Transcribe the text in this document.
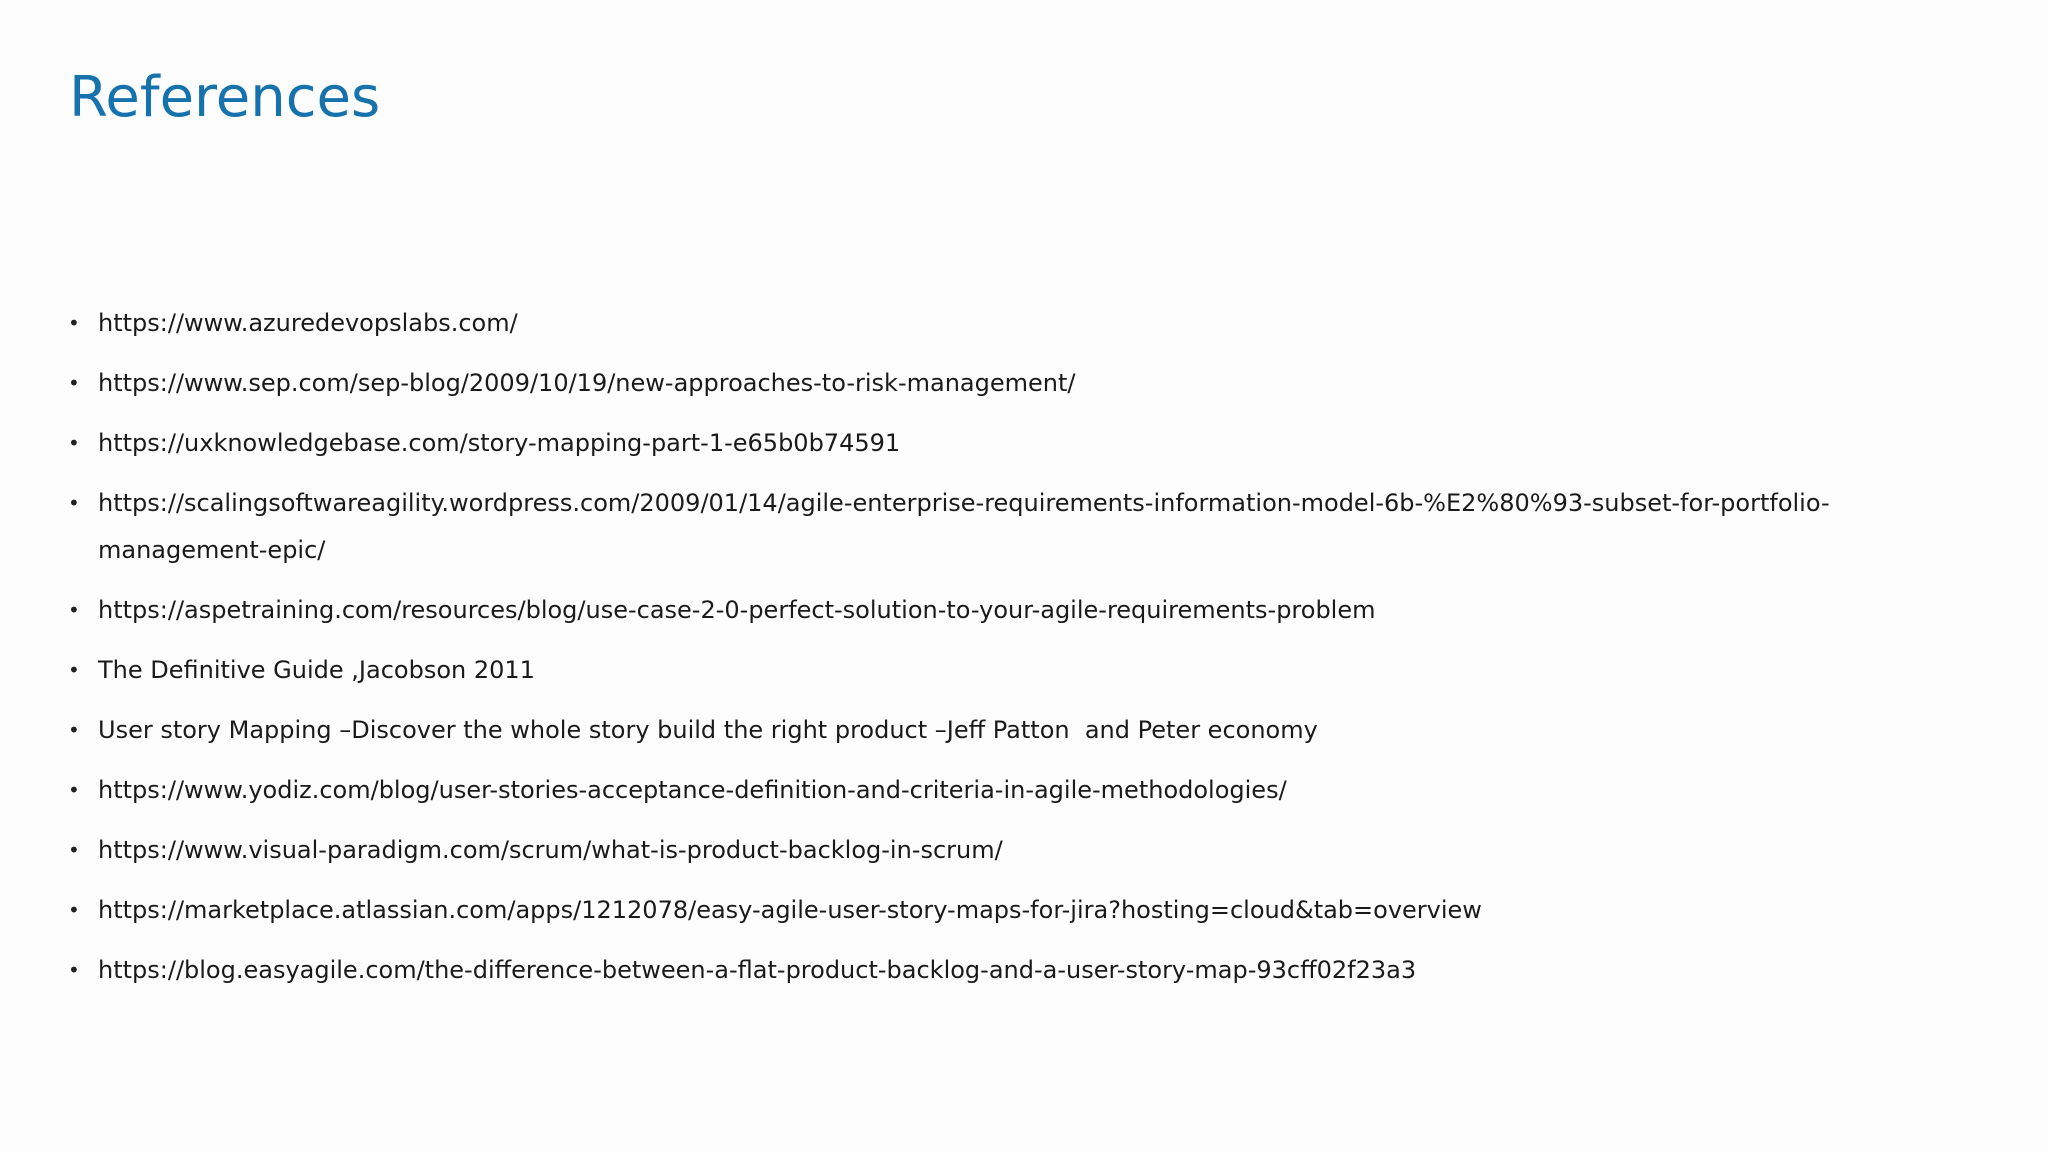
References
• https://www.azuredevopslabs.com/
• https://www.sep.com/sep-blog/2009/10/19/new-approaches-to-risk-management/
• https://uxknowledgebase.com/story-mapping-part-1-e65b0b74591
• https://scalingsoftwareagility.wordpress.com/2009/01/14/agile-enterprise-requirements-information-model-6b-%E2%80%93-subset-for-portfolio-management-epic/
• https://aspetraining.com/resources/blog/use-case-2-0-perfect-solution-to-your-agile-requirements-problem
• The Definitive Guide ,Jacobson 2011
• User story Mapping –Discover the whole story build the right product –Jeff Patton  and Peter economy
• https://www.yodiz.com/blog/user-stories-acceptance-definition-and-criteria-in-agile-methodologies/
• https://www.visual-paradigm.com/scrum/what-is-product-backlog-in-scrum/
• https://marketplace.atlassian.com/apps/1212078/easy-agile-user-story-maps-for-jira?hosting=cloud&tab=overview
• https://blog.easyagile.com/the-difference-between-a-flat-product-backlog-and-a-user-story-map-93cff02f23a3
